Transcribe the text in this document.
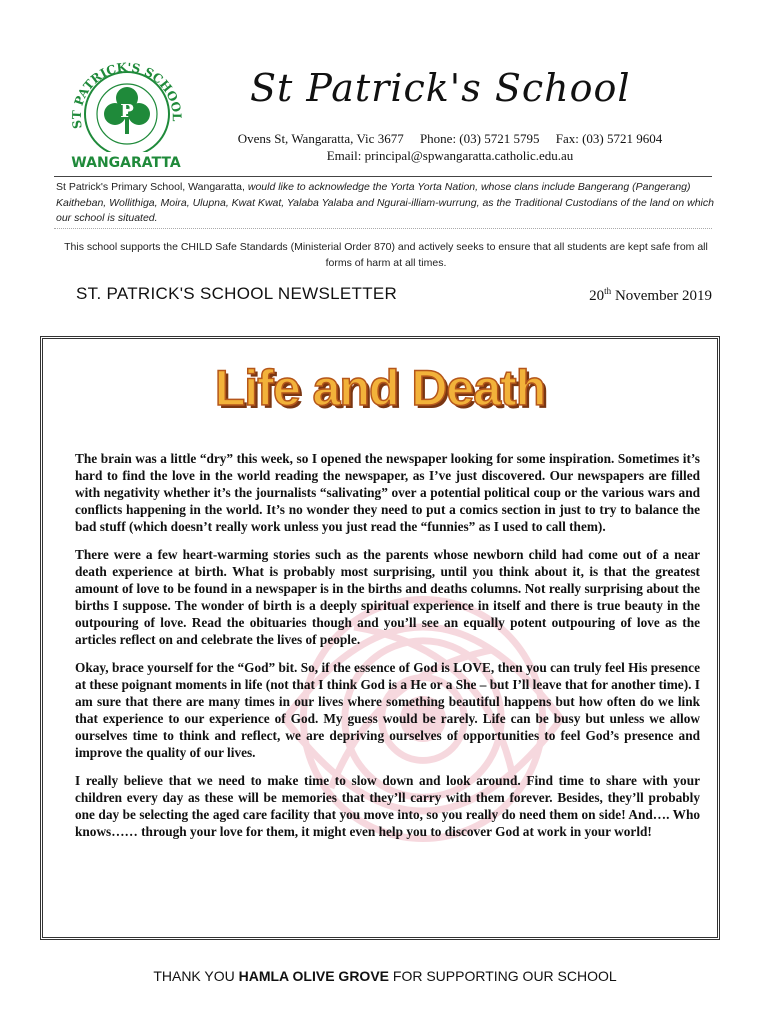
P
ST PATRICK'S SCHOOL
WANGARATTA
St Patrick's School
Ovens St, Wangaratta, Vic 3677     Phone: (03) 5721 5795     Fax: (03) 5721 9604
Email: principal@spwangaratta.catholic.edu.au
St Patrick's Primary School, Wangaratta, would like to acknowledge the Yorta Yorta Nation, whose clans include Bangerang (Pangerang) Kaitheban, Wollithiga, Moira, Ulupna, Kwat Kwat, Yalaba Yalaba and Ngurai-illiam-wurrung, as the Traditional Custodians of the land on which our school is situated.
This school supports the CHILD Safe Standards (Ministerial Order 870) and actively seeks to ensure that all students are kept safe from all forms of harm at all times.
ST. PATRICK'S SCHOOL NEWSLETTER	20th November 2019
Life and Death

The brain was a little “dry” this week, so I opened the newspaper looking for some inspiration. Sometimes it’s hard to find the love in the world reading the newspaper, as I’ve just discovered. Our newspapers are filled with negativity whether it’s the journalists “salivating” over a potential political coup or the various wars and conflicts happening in the world. It’s no wonder they need to put a comics section in just to try to balance the bad stuff (which doesn’t really work unless you just read the “funnies” as I used to call them).

There were a few heart-warming stories such as the parents whose newborn child had come out of a near death experience at birth. What is probably most surprising, until you think about it, is that the greatest amount of love to be found in a newspaper is in the births and deaths columns. Not really surprising about the births I suppose. The wonder of birth is a deeply spiritual experience in itself and there is true beauty in the outpouring of love. Read the obituaries though and you’ll see an equally potent outpouring of love as the articles reflect on and celebrate the lives of people.

Okay, brace yourself for the “God” bit. So, if the essence of God is LOVE, then you can truly feel His presence at these poignant moments in life (not that I think God is a He or a She – but I’ll leave that for another time). I am sure that there are many times in our lives where something beautiful happens but how often do we link that experience to our experience of God. My guess would be rarely. Life can be busy but unless we allow ourselves time to think and reflect, we are depriving ourselves of opportunities to feel God’s presence and improve the quality of our lives.

I really believe that we need to make time to slow down and look around. Find time to share with your children every day as these will be memories that they’ll carry with them forever. Besides, they’ll probably one day be selecting the aged care facility that you move into, so you really do need them on side! And…. Who knows…… through your love for them, it might even help you to discover God at work in your world!

THANK YOU HAMLA OLIVE GROVE FOR SUPPORTING OUR SCHOOL
